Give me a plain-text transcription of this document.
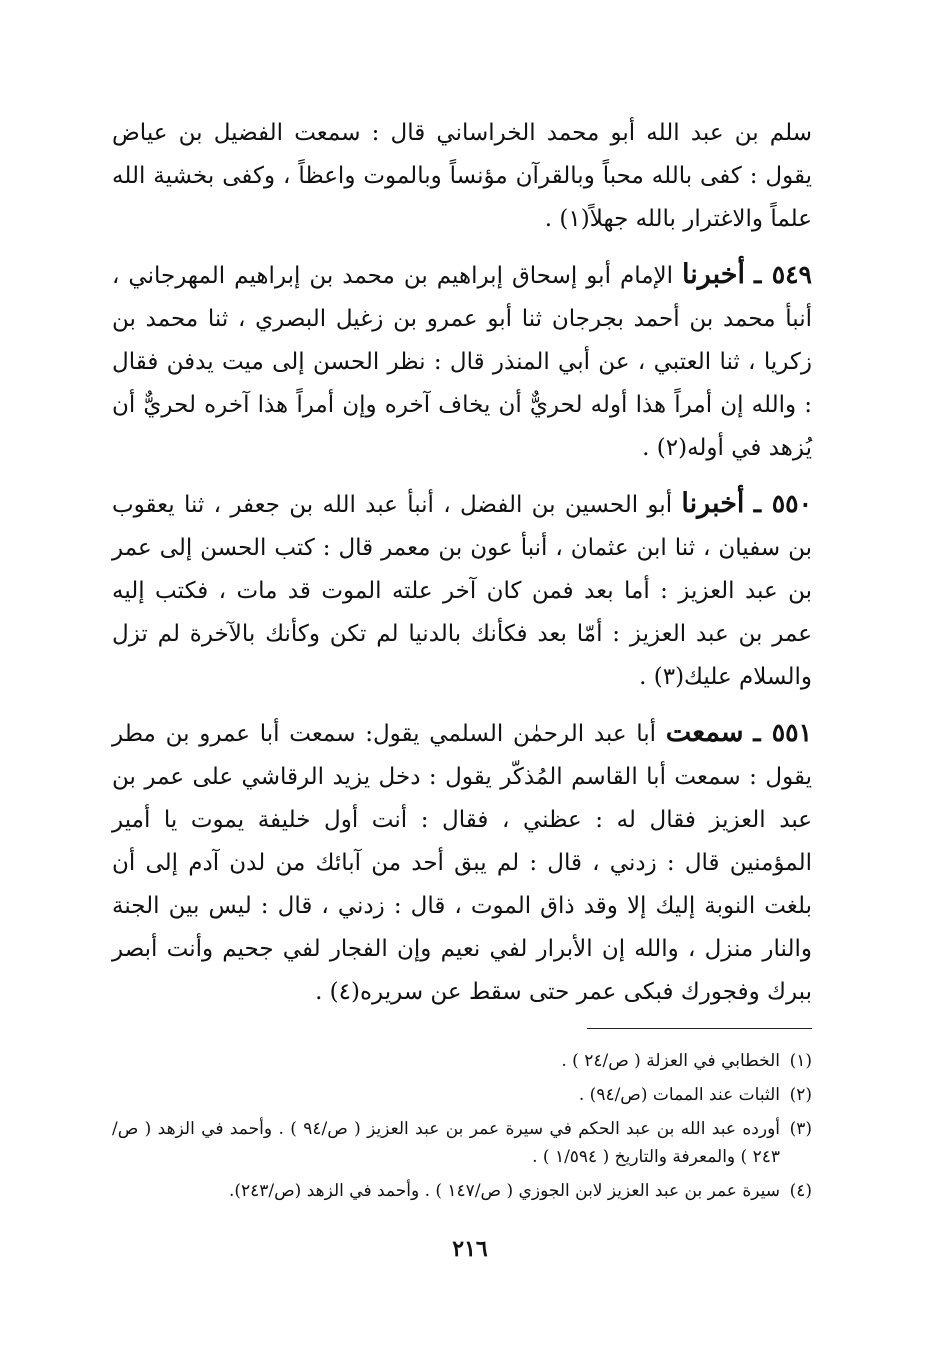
سلم بن عبد الله أبو محمد الخراساني قال : سمعت الفضيل بن عياض يقول : كفى بالله محباً وبالقرآن مؤنساً وبالموت واعظاً ، وكفى بخشية الله علماً والاغترار بالله جهلاً(١) .

٥٤٩ ـ أخبرنا الإمام أبو إسحاق إبراهيم بن محمد بن إبراهيم المهرجاني ، أنبأ محمد بن أحمد بجرجان ثنا أبو عمرو بن زغيل البصري ، ثنا محمد بن زكريا ، ثنا العتبي ، عن أبي المنذر قال : نظر الحسن إلى ميت يدفن فقال : والله إن أمراً هذا أوله لحريٌّ أن يخاف آخره وإن أمراً هذا آخره لحريٌّ أن يُزهد في أوله(٢) .

٥٥٠ ـ أخبرنا أبو الحسين بن الفضل ، أنبأ عبد الله بن جعفر ، ثنا يعقوب بن سفيان ، ثنا ابن عثمان ، أنبأ عون بن معمر قال : كتب الحسن إلى عمر بن عبد العزيز : أما بعد فمن كان آخر علته الموت قد مات ، فكتب إليه عمر بن عبد العزيز : أمّا بعد فكأنك بالدنيا لم تكن وكأنك بالآخرة لم تزل والسلام عليك(٣) .

٥٥١ ـ سمعت أبا عبد الرحمٰن السلمي يقول: سمعت أبا عمرو بن مطر يقول : سمعت أبا القاسم المُذكّر يقول : دخل يزيد الرقاشي على عمر بن عبد العزيز فقال له : عظني ، فقال : أنت أول خليفة يموت يا أمير المؤمنين قال : زدني ، قال : لم يبق أحد من آبائك من لدن آدم إلى أن بلغت النوبة إليك إلا وقد ذاق الموت ، قال : زدني ، قال : ليس بين الجنة والنار منزل ، والله إن الأبرار لفي نعيم وإن الفجار لفي جحيم وأنت أبصر ببرك وفجورك فبكى عمر حتى سقط عن سريره(٤) .

(١)
الخطابي في العزلة ( ص/٢٤ ) .
(٢)
الثبات عند الممات (ص/٩٤) .
(٣)
أورده عبد الله بن عبد الحكم في سيرة عمر بن عبد العزيز ( ص/٩٤ ) . وأحمد في الزهد ( ص/٢٤٣ ) والمعرفة والتاريخ ( ١/٥٩٤ ) .
(٤)
سيرة عمر بن عبد العزيز لابن الجوزي ( ص/١٤٧ ) . وأحمد في الزهد (ص/٢٤٣).
٢١٦
